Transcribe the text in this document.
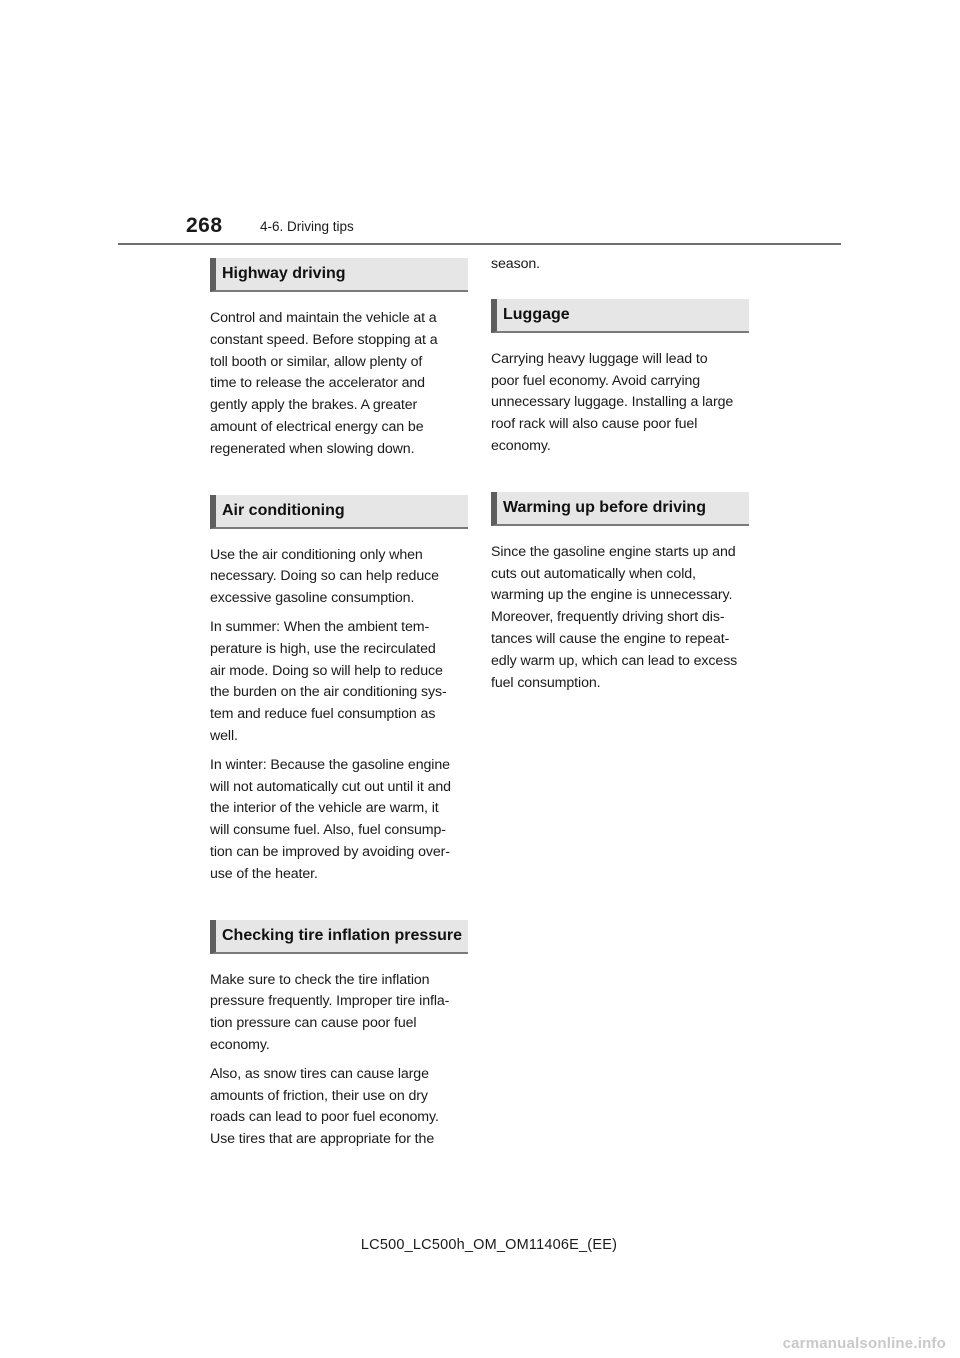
268	4-6. Driving tips
Highway driving
Control and maintain the vehicle at a
constant speed. Before stopping at a
toll booth or similar, allow plenty of
time to release the accelerator and
gently apply the brakes. A greater
amount of electrical energy can be
regenerated when slowing down.
Air conditioning
Use the air conditioning only when
necessary. Doing so can help reduce
excessive gasoline consumption.
In summer: When the ambient tem-
perature is high, use the recirculated
air mode. Doing so will help to reduce
the burden on the air conditioning sys-
tem and reduce fuel consumption as
well.
In winter: Because the gasoline engine
will not automatically cut out until it and
the interior of the vehicle are warm, it
will consume fuel. Also, fuel consump-
tion can be improved by avoiding over-
use of the heater.
Checking tire inflation pressure
Make sure to check the tire inflation
pressure frequently. Improper tire infla-
tion pressure can cause poor fuel
economy.
Also, as snow tires can cause large
amounts of friction, their use on dry
roads can lead to poor fuel economy.
Use tires that are appropriate for the
season.
Luggage
Carrying heavy luggage will lead to
poor fuel economy. Avoid carrying
unnecessary luggage. Installing a large
roof rack will also cause poor fuel
economy.
Warming up before driving
Since the gasoline engine starts up and
cuts out automatically when cold,
warming up the engine is unnecessary.
Moreover, frequently driving short dis-
tances will cause the engine to repeat-
edly warm up, which can lead to excess
fuel consumption.
LC500_LC500h_OM_OM11406E_(EE)
carmanualsonline.info
